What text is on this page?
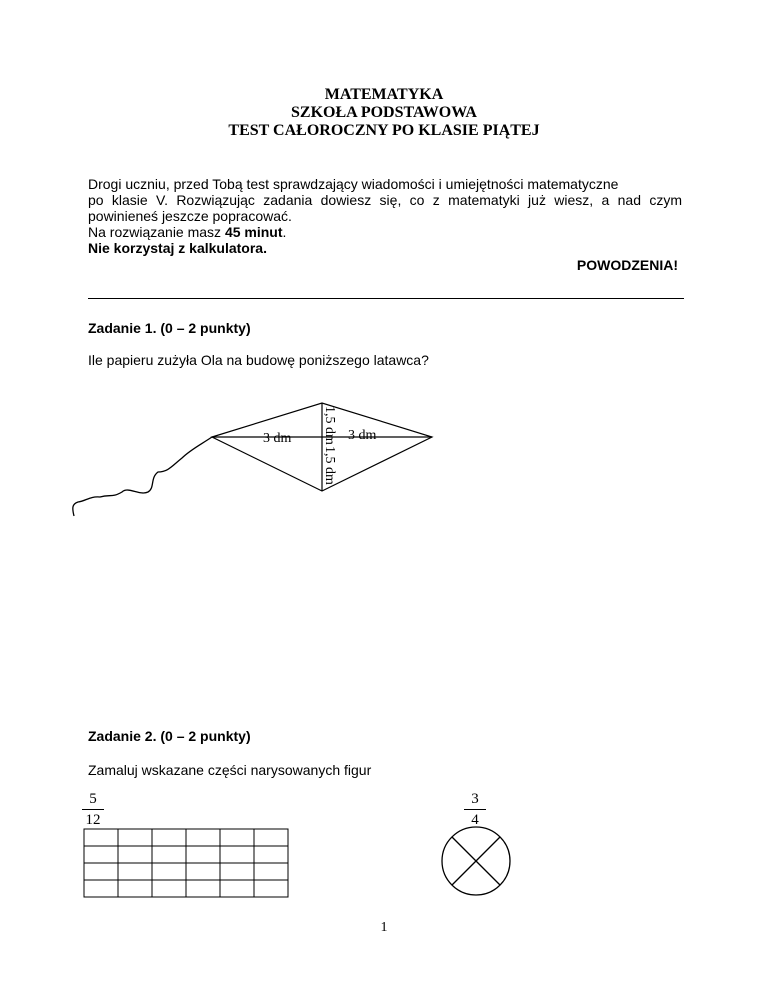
MATEMATYKA
SZKOŁA PODSTAWOWA
TEST CAŁOROCZNY PO KLASIE PIĄTEJ
Drogi uczniu, przed Tobą test sprawdzający wiadomości i umiejętności matematyczne
po klasie V. Rozwiązując zadania dowiesz się, co z matematyki już wiesz, a nad czym
powinieneś jeszcze popracować.
Na rozwiązanie masz 45 minut.
Nie korzystaj z kalkulatora.
POWODZENIA!
Zadanie 1. (0 – 2 punkty)
Ile papieru zużyła Ola na budowę poniższego latawca?
3 dm	3 dm
1,5 dm
1,5 dm
Zadanie 2. (0 – 2 punkty)
Zamaluj wskazane części narysowanych figur
5
12
3
4
1
